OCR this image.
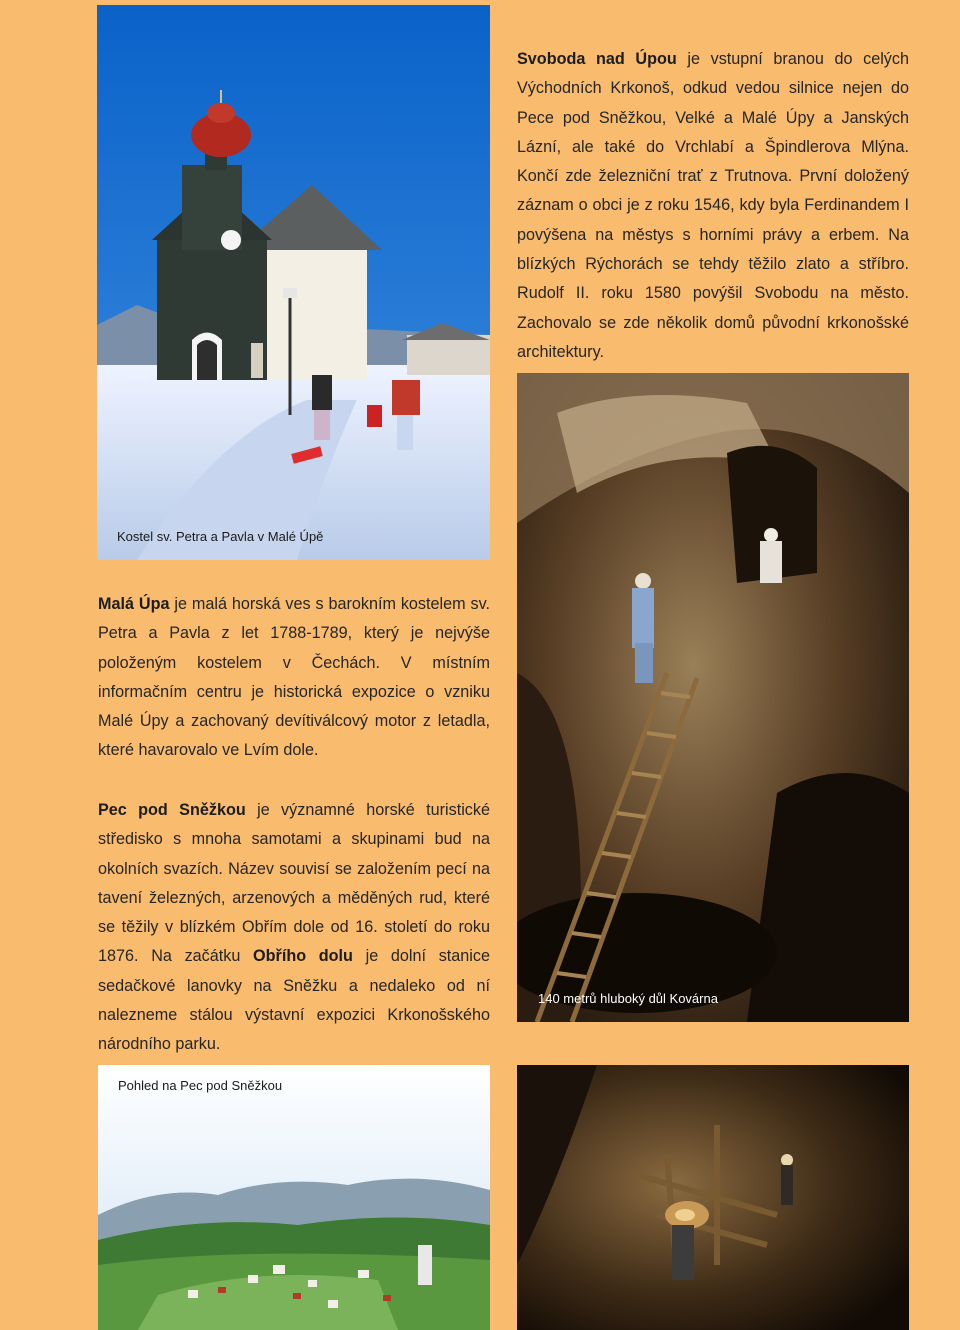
Kostel sv. Petra a Pavla v Malé Úpě
Svoboda nad Úpou je vstupní branou do celých Východních Krkonoš, odkud vedou silnice nejen do Pece pod Sněžkou, Velké a Malé Úpy a Janských Lázní, ale také do Vrchlabí a Špindlerova Mlýna. Končí zde železniční trať z Trutnova. První doložený záznam o obci je z roku 1546, kdy byla Ferdinandem I povýšena na městys s horními právy a erbem. Na blízkých Rýchorách se tehdy těžilo zlato a stříbro. Rudolf II. roku 1580 povýšil Svobodu na město. Zachovalo se zde několik domů původní krkonošské architektury.
140 metrů hluboký důl Kovárna
Malá Úpa je malá horská ves s barokním kostelem sv. Petra a Pavla z let 1788-1789, který je nejvýše položeným kostelem v Čechách. V místním informačním centru je historická expozice o vzniku Malé Úpy a zachovaný devítiválcový motor z letadla, které havarovalo ve Lvím dole.
Pec pod Sněžkou je významné horské turistické středisko s mnoha samotami a skupinami bud na okolních svazích. Název souvisí se založením pecí na tavení železných, arzenových a měděných rud, které se těžily v blízkém Obřím dole od 16. století do roku 1876. Na začátku Obřího dolu je dolní stanice sedačkové lanovky na Sněžku a nedaleko od ní nalezneme stálou výstavní expozici Krkonošského národního parku.
Pohled na Pec pod Sněžkou
